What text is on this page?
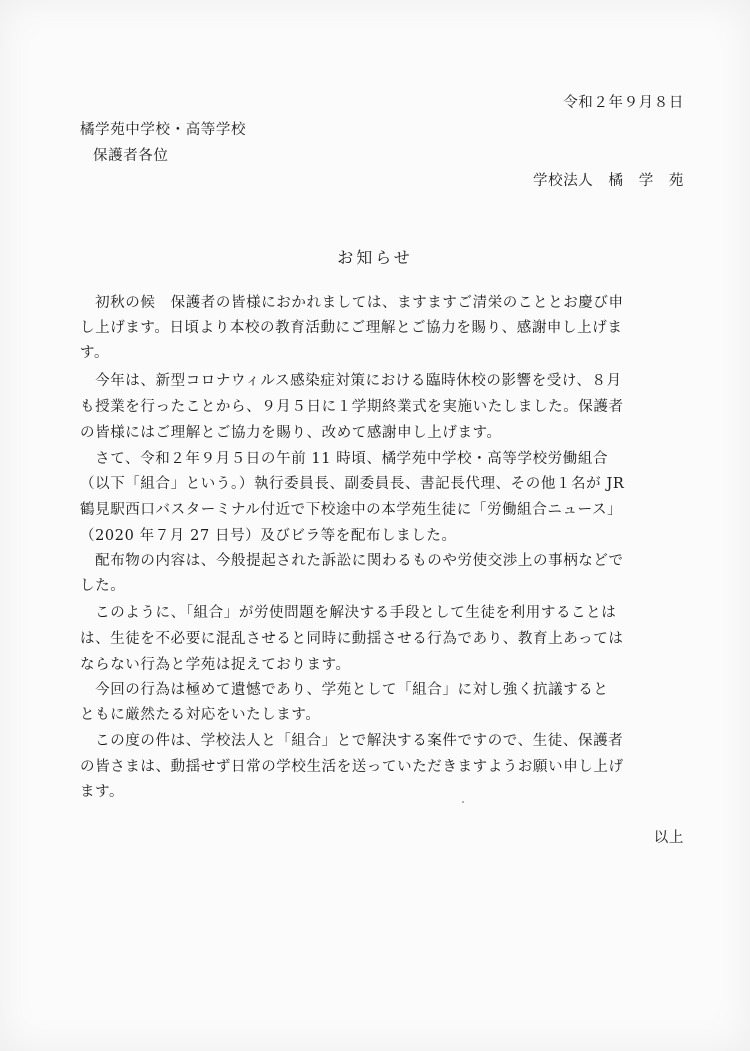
令和２年９月８日
橘学苑中学校・高等学校
保護者各位
学校法人　橘　学　苑
お知らせ
　初秋の候　保護者の皆様におかれましては、ますますご清栄のこととお慶び申
し上げます。日頃より本校の教育活動にご理解とご協力を賜り、感謝申し上げま
す。
　今年は、新型コロナウィルス感染症対策における臨時休校の影響を受け、８月
も授業を行ったことから、９月５日に１学期終業式を実施いたしました。保護者
の皆様にはご理解とご協力を賜り、改めて感謝申し上げます。
　さて、令和２年９月５日の午前 11 時頃、橘学苑中学校・高等学校労働組合
（以下「組合」という。）執行委員長、副委員長、書記長代理、その他１名が JR
鶴見駅西口バスターミナル付近で下校途中の本学苑生徒に「労働組合ニュース」
（2020 年７月 27 日号）及びビラ等を配布しました。
　配布物の内容は、今般提起された訴訟に関わるものや労使交渉上の事柄などで
した。
　このように、「組合」が労使問題を解決する手段として生徒を利用することは
は、生徒を不必要に混乱させると同時に動揺させる行為であり、教育上あっては
ならない行為と学苑は捉えております。
　今回の行為は極めて遺憾であり、学苑として「組合」に対し強く抗議すると
ともに厳然たる対応をいたします。
　この度の件は、学校法人と「組合」とで解決する案件ですので、生徒、保護者
の皆さまは、動揺せず日常の学校生活を送っていただきますようお願い申し上げ
ます。
以上
